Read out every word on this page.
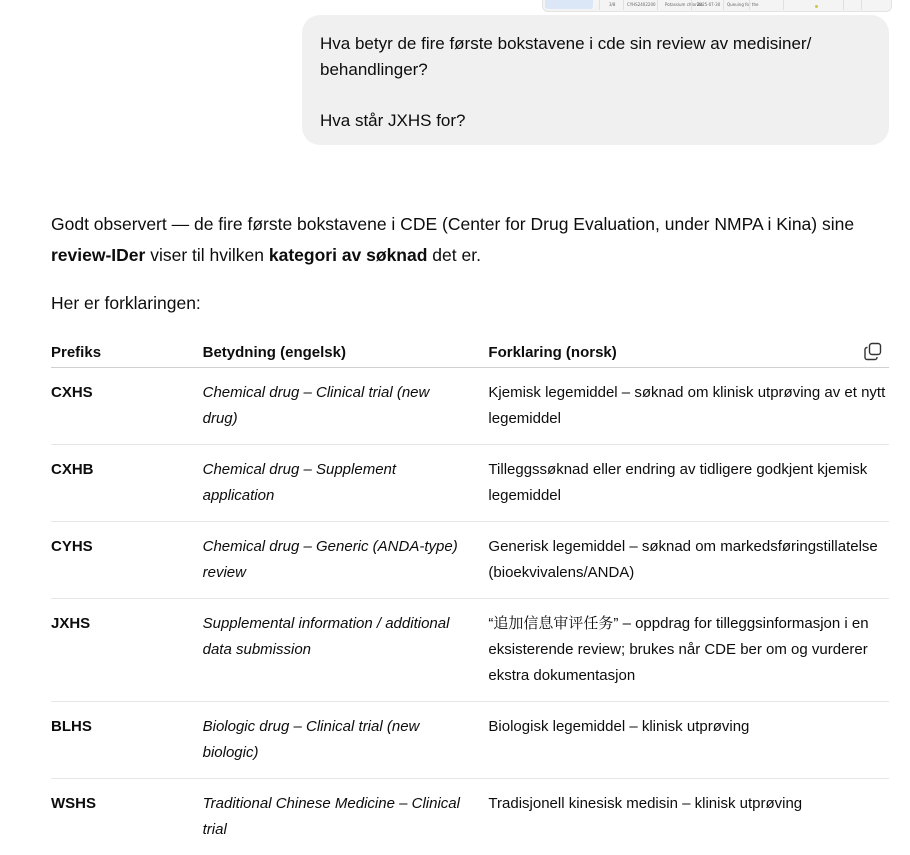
3/8	CYHS2402200 Potassium chloride
2025-07-30 Queuing for the

Hva betyr de fire første bokstavene i cde sin review av medisiner/ behandlinger?

Hva står JXHS for?

Godt observert — de fire første bokstavene i CDE (Center for Drug Evaluation, under NMPA i Kina) sine review-IDer viser til hvilken kategori av søknad det er.

Her er forklaringen:

Prefiks	Betydning (engelsk)	Forklaring (norsk)
CXHS	Chemical drug – Clinical trial (new drug)	Kjemisk legemiddel – søknad om klinisk utprøving av et nytt legemiddel
CXHB	Chemical drug – Supplement application	Tilleggssøknad eller endring av tidligere godkjent kjemisk legemiddel
CYHS	Chemical drug – Generic (ANDA-type) review	Generisk legemiddel – søknad om markedsføringstillatelse (bioekvivalens/ANDA)
JXHS	Supplemental information / additional data submission	“追加信息审评任务” – oppdrag for tilleggsinformasjon i en eksisterende review; brukes når CDE ber om og vurderer ekstra dokumentasjon
BLHS	Biologic drug – Clinical trial (new biologic)	Biologisk legemiddel – klinisk utprøving
WSHS	Traditional Chinese Medicine – Clinical trial	Tradisjonell kinesisk medisin – klinisk utprøving
